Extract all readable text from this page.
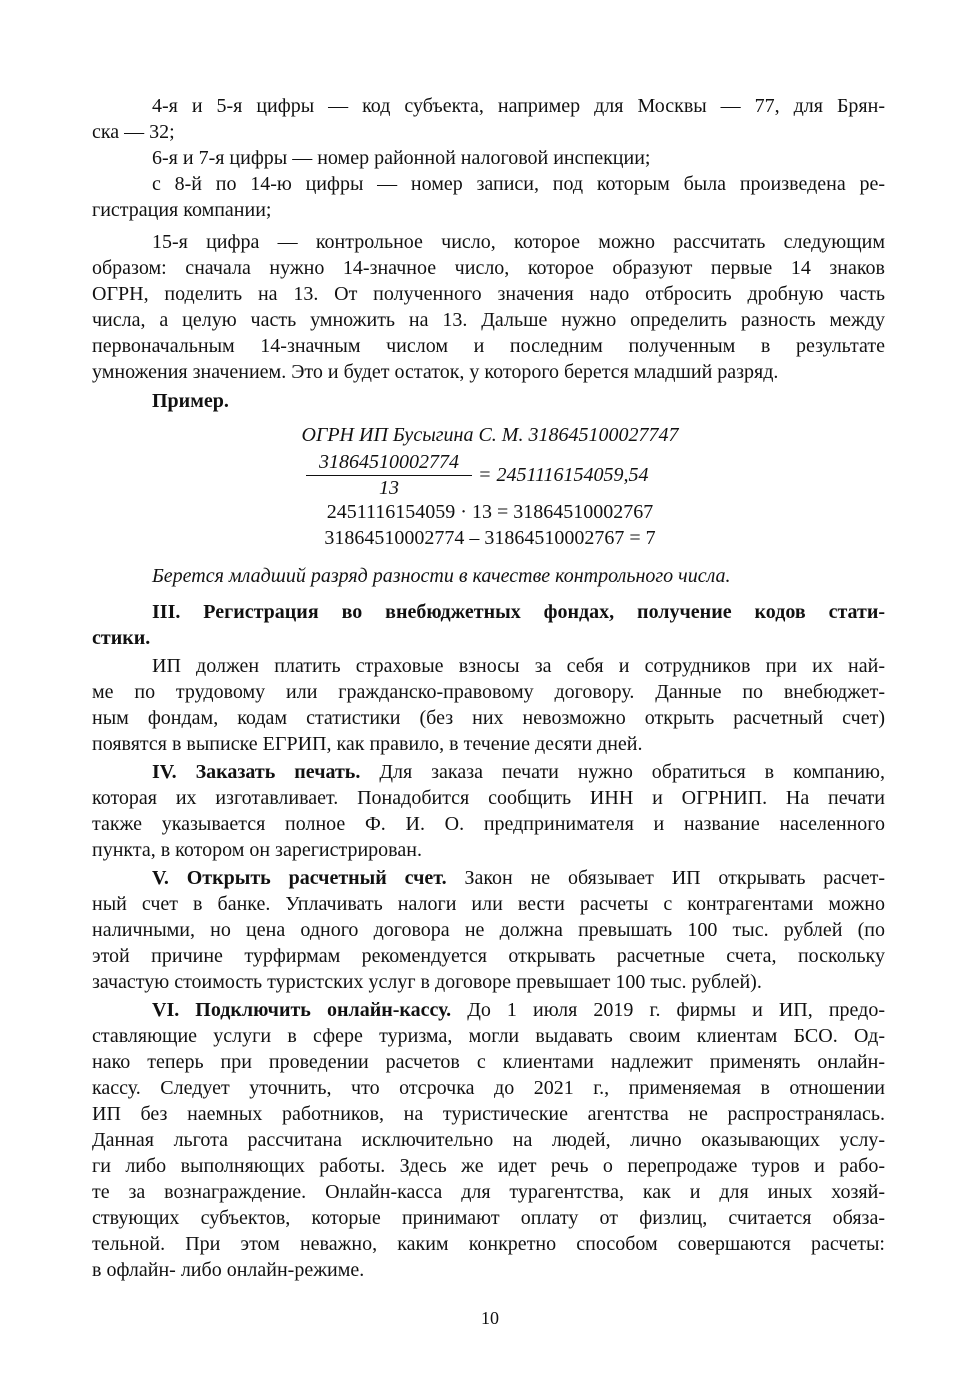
4-я и 5-я цифры — код субъекта, например для Москвы — 77, для Брян-
ска — 32;
6-я и 7-я цифры — номер районной налоговой инспекции;
с 8-й по 14-ю цифры — номер записи, под которым была произведена ре-
гистрация компании;
15-я цифра — контрольное число, которое можно рассчитать следующим
образом: сначала нужно 14-значное число, которое образуют первые 14 знаков
ОГРН, поделить на 13. От полученного значения надо отбросить дробную часть
числа, а целую часть умножить на 13. Дальше нужно определить разность между
первоначальным 14-значным числом и последним полученным в результате
умножения значением. Это и будет остаток, у которого берется младший разряд.
Пример.
ОГРН ИП Бусыгина С. М. 318645100027747
31864510002774
13
= 2451116154059,54
2451116154059 · 13 = 31864510002767
31864510002774 – 31864510002767 = 7
Берется младший разряд разности в качестве контрольного числа.
III. Регистрация во внебюджетных фондах, получение кодов стати-
стики.
ИП должен платить страховые взносы за себя и сотрудников при их най-
ме по трудовому или гражданско-правовому договору. Данные по внебюджет-
ным фондам, кодам статистики (без них невозможно открыть расчетный счет)
появятся в выписке ЕГРИП, как правило, в течение десяти дней.
IV. Заказать печать. Для заказа печати нужно обратиться в компанию,
которая их изготавливает. Понадобится сообщить ИНН и ОГРНИП. На печати
также указывается полное Ф. И. О. предпринимателя и название населенного
пункта, в котором он зарегистрирован.
V. Открыть расчетный счет. Закон не обязывает ИП открывать расчет-
ный счет в банке. Уплачивать налоги или вести расчеты с контрагентами можно
наличными, но цена одного договора не должна превышать 100 тыс. рублей (по
этой причине турфирмам рекомендуется открывать расчетные счета, поскольку
зачастую стоимость туристских услуг в договоре превышает 100 тыс. рублей).
VI. Подключить онлайн-кассу. До 1 июля 2019 г. фирмы и ИП, предо-
ставляющие услуги в сфере туризма, могли выдавать своим клиентам БСО. Од-
нако теперь при проведении расчетов с клиентами надлежит применять онлайн-
кассу. Следует уточнить, что отсрочка до 2021 г., применяемая в отношении
ИП без наемных работников, на туристические агентства не распространялась.
Данная льгота рассчитана исключительно на людей, лично оказывающих услу-
ги либо выполняющих работы. Здесь же идет речь о перепродаже туров и рабо-
те за вознаграждение. Онлайн-касса для турагентства, как и для иных хозяй-
ствующих субъектов, которые принимают оплату от физлиц, считается обяза-
тельной. При этом неважно, каким конкретно способом совершаются расчеты:
в офлайн- либо онлайн-режиме.
10
